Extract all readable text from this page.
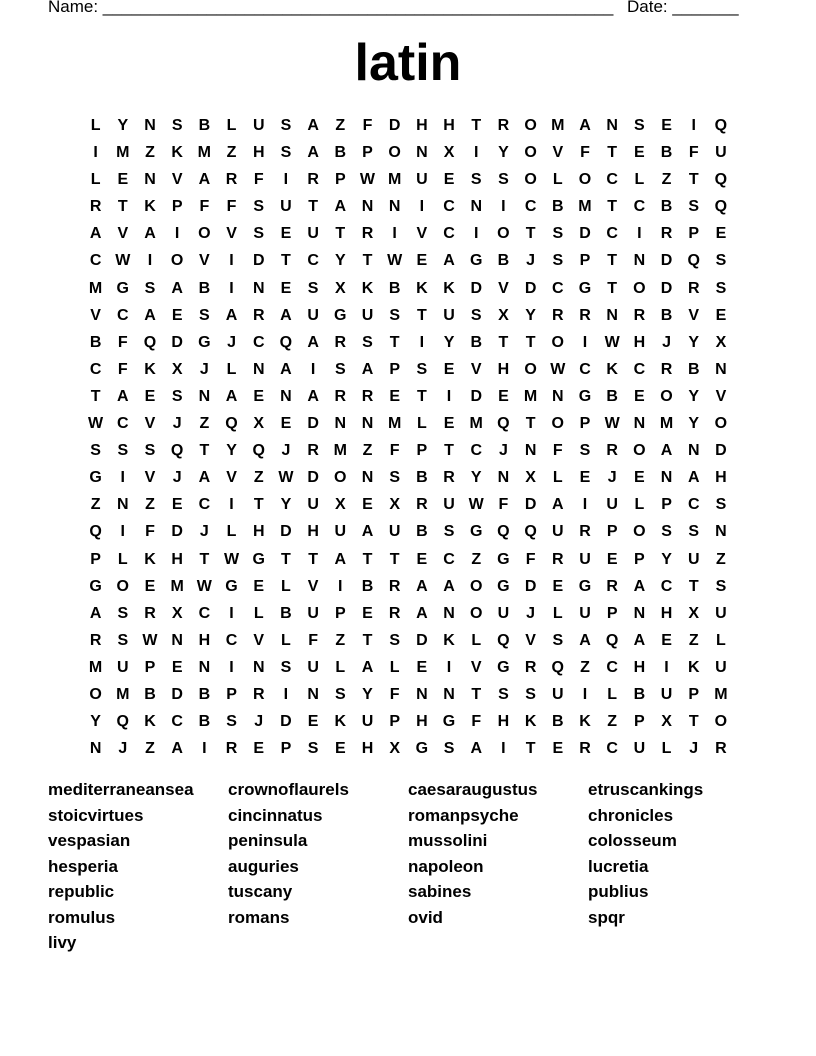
Name: ______________________________________________________ Date: _______
latin
L	Y	N	S	B	L	U	S	A	Z	F	D H H	T	R O M A N	S	E	I	Q
I	M Z	K M Z	H	S	A B	P O N	X	I	Y O V	F	T	E	B	F	U
L	E	N	V	A R	F	I	R	P W M U	E	S	S O	L	O C	L	Z	T	Q
R	T	K	P	F	F	S	U	T	A N N	I	C N	I	C B M T	C B	S Q
A	V	A	I	O V	S	E	U	T	R	I	V	C	I	O	T	S	D C	I	R	P	E
C W	I	O V	I	D	T	C	Y	T W E	A G B	J	S	P	T	N D Q S
M G S	A B	I	N	E	S	X	K B K K D	V	D C G	T	O D R	S
V	C A	E	S	A R A U G U	S	T	U	S	X	Y	R R N R B	V	E
B	F	Q D G	J	C Q A R	S	T	I	Y	B	T	T	O	I	W H	J	Y	X
C	F	K	X	J	L	N A	I	S	A	P	S	E	V	H O W C K C R B N
T	A	E	S	N A	E	N A R R	E	T	I	D	E M N G B	E O Y	V
W C	V	J	Z	Q X	E	D N N M L	E M Q	T	O P W N M Y O
S	S	S Q	T	Y Q	J	R M Z	F	P	T	C	J	N	F	S	R O A N D
G	I	V	J	A	V	Z W D O N	S	B R	Y	N	X	L	E	J	E	N A H
Z	N	Z	E	C	I	T	Y	U	X	E	X	R U W F	D A	I	U	L	P	C	S
Q	I	F	D	J	L	H D H U A U B	S G Q Q U R	P O S	S	N
P	L	K H	T W G	T	T	A	T	T	E	C	Z	G	F	R U	E	P	Y	U	Z
G O E M W G E	L	V	I	B R A A O G D	E G R A C	T	S
A	S	R	X	C	I	L	B U	P	E	R A N O U	J	L	U	P	N H	X	U
R	S W N H C	V	L	F	Z	T	S	D K	L	Q V	S	A Q A	E	Z	L
M U	P	E	N	I	N	S	U	L	A	L	E	I	V G R Q	Z	C H	I	K U
O M B D B	P	R	I	N	S	Y	F	N N	T	S	S	U	I	L	B U	P M
Y Q K C B	S	J	D	E	K U	P	H G	F	H K B K	Z	P	X	T	O
N	J	Z	A	I	R	E	P	S	E	H	X G S	A	I	T	E	R C U	L	J	R
mediterraneansea	crownoflaurels	caesaraugustus	etruscankings
stoicvirtues	cincinnatus	romanpsyche	chronicles
vespasian	peninsula	mussolini	colosseum
hesperia	auguries	napoleon	lucretia
republic	tuscany	sabines	publius
romulus	romans	ovid	spqr
livy
